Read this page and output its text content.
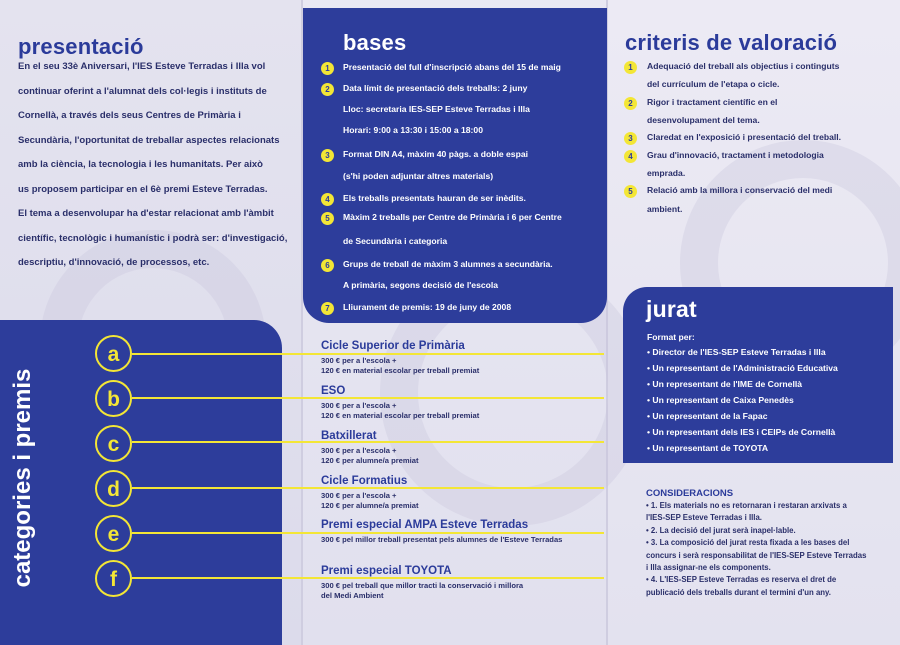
presentació

En el seu 33è Aniversari, l'IES Esteve Terradas i Illa vol
continuar oferint a l'alumnat dels col·legis i instituts de
Cornellà, a través dels seus Centres de Primària i
Secundària, l'oportunitat de treballar aspectes relacionats
amb la ciència, la tecnologia i les humanitats. Per això
us proposem participar en el 6è premi Esteve Terradas.
El tema a desenvolupar ha d'estar relacionat amb l'àmbit
científic, tecnològic i humanístic i podrà ser: d'investigació,
descriptiu, d'innovació, de processos, etc.

bases
1	Presentació del full d'inscripció abans del 15 de maig
2	Data límit de presentació dels treballs: 2 juny
Lloc: secretaria IES-SEP Esteve Terradas i Illa
Horari: 9:00 a 13:30 i 15:00 a 18:00
3	Format DIN A4, màxim 40 pàgs. a doble espai
(s'hi poden adjuntar altres materials)
4	Els treballs presentats hauran de ser inèdits.
5	Màxim 2 treballs per Centre de Primària i 6 per Centre
de Secundària i categoria
6	Grups de treball de màxim 3 alumnes a secundària.
A primària, segons decisió de l'escola
7	Lliurament de premis: 19 de juny de 2008
criteris de valoració
1	Adequació del treball als objectius i continguts
del currículum de l'etapa o cicle.
2	Rigor i tractament científic en el
desenvolupament del tema.
3	Claredat en l'exposició i presentació del treball.
4	Grau d'innovació, tractament i metodologia
emprada.
5	Relació amb la millora i conservació del medi
ambient.
categories i premis
a	Cicle Superior de Primària
300 € per a l'escola +
120 € en material escolar per treball premiat
b	ESO
300 € per a l'escola +
120 € en material escolar per treball premiat
c	Batxillerat
300 € per a l'escola +
120 € per alumne/a premiat
d	Cicle Formatius
300 € per a l'escola +
120 € per alumne/a premiat
e	Premi especial AMPA Esteve Terradas
300 € pel millor treball presentat pels alumnes de l'Esteve Terradas
f	Premi especial TOYOTA
300 € pel treball que millor tracti la conservació i millora
del Medi Ambient
jurat
Format per:
• Director de l'IES-SEP Esteve Terradas i Illa
• Un representant de l'Administració Educativa
• Un representant de l'IME de Cornellà
• Un representant de Caixa Penedès
• Un representant de la Fapac
• Un representant dels IES i CEIPs de Cornellà
• Un representant de TOYOTA
CONSIDERACIONS
• 1. Els materials no es retornaran i restaran arxivats a
l'IES-SEP Esteve Terradas i Illa.
• 2. La decisió del jurat serà inapel·lable.
• 3. La composició del jurat resta fixada a les bases del
concurs i serà responsabilitat de l'IES-SEP Esteve Terradas
i Illa assignar-ne els components.
• 4. L'IES-SEP Esteve Terradas es reserva el dret de
publicació dels treballs durant el termini d'un any.
